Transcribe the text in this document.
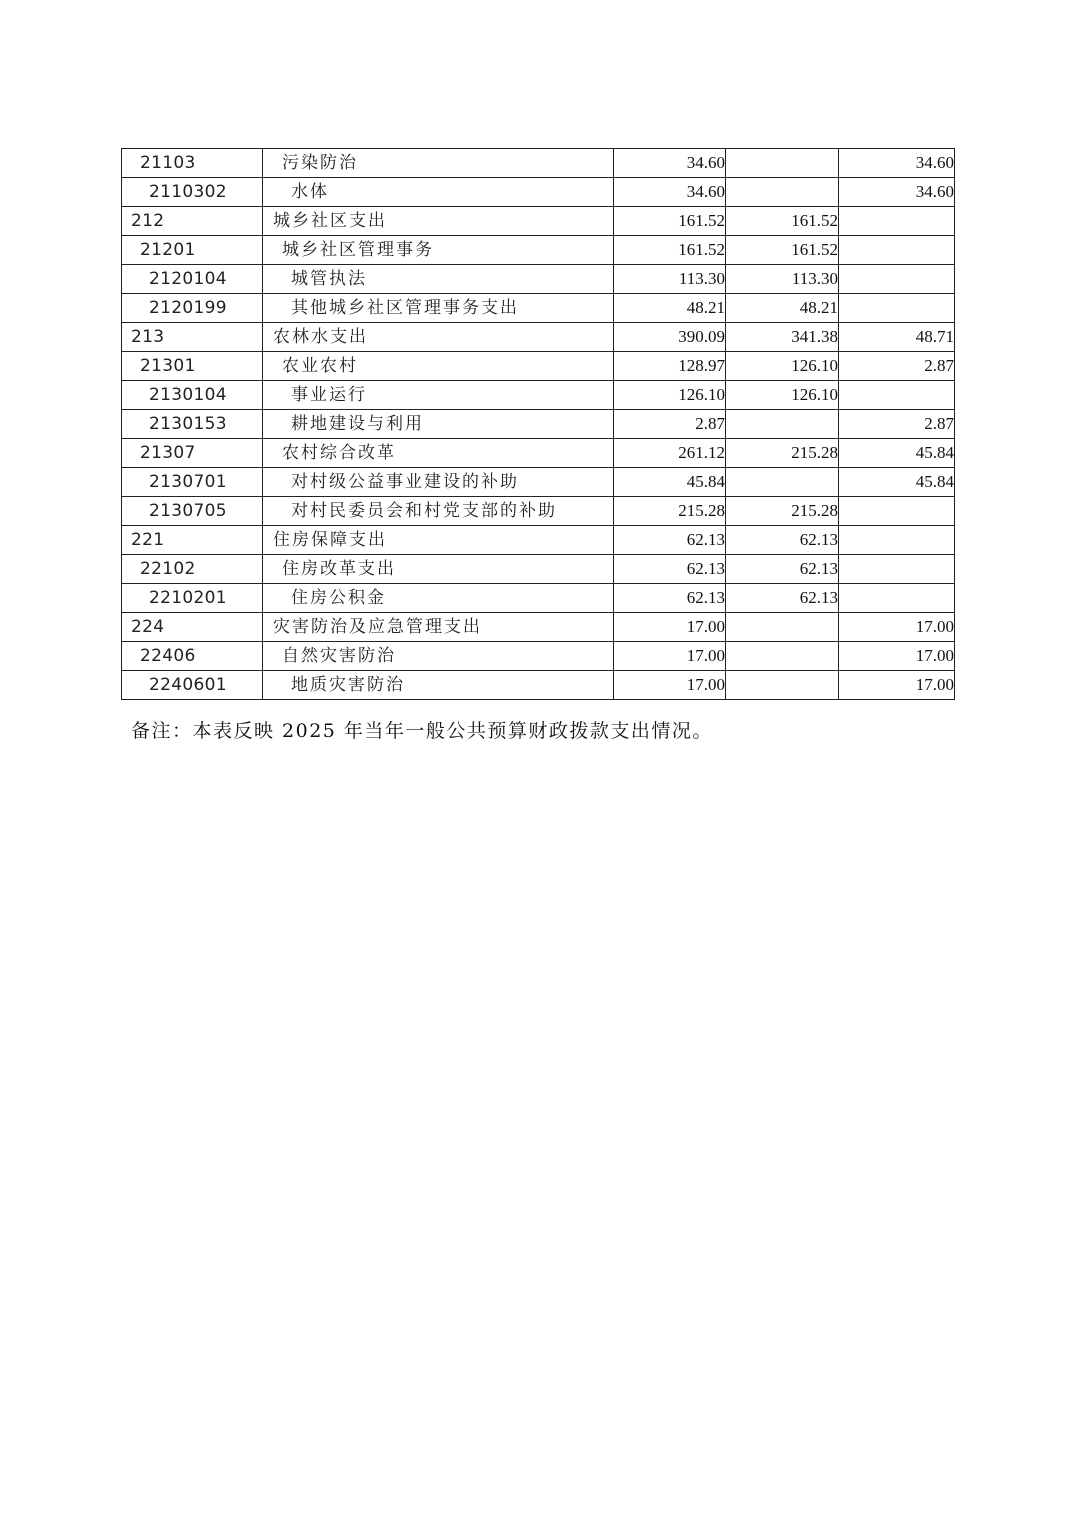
21103	污染防治	34.60		34.60
2110302	水体	34.60		34.60
212	城乡社区支出	161.52	161.52	
21201	城乡社区管理事务	161.52	161.52	
2120104	城管执法	113.30	113.30	
2120199	其他城乡社区管理事务支出	48.21	48.21	
213	农林水支出	390.09	341.38	48.71
21301	农业农村	128.97	126.10	2.87
2130104	事业运行	126.10	126.10	
2130153	耕地建设与利用	2.87		2.87
21307	农村综合改革	261.12	215.28	45.84
2130701	对村级公益事业建设的补助	45.84		45.84
2130705	对村民委员会和村党支部的补助	215.28	215.28	
221	住房保障支出	62.13	62.13	
22102	住房改革支出	62.13	62.13	
2210201	住房公积金	62.13	62.13	
224	灾害防治及应急管理支出	17.00		17.00
22406	自然灾害防治	17.00		17.00
2240601	地质灾害防治	17.00		17.00
备注：本表反映 2025 年当年一般公共预算财政拨款支出情况。
